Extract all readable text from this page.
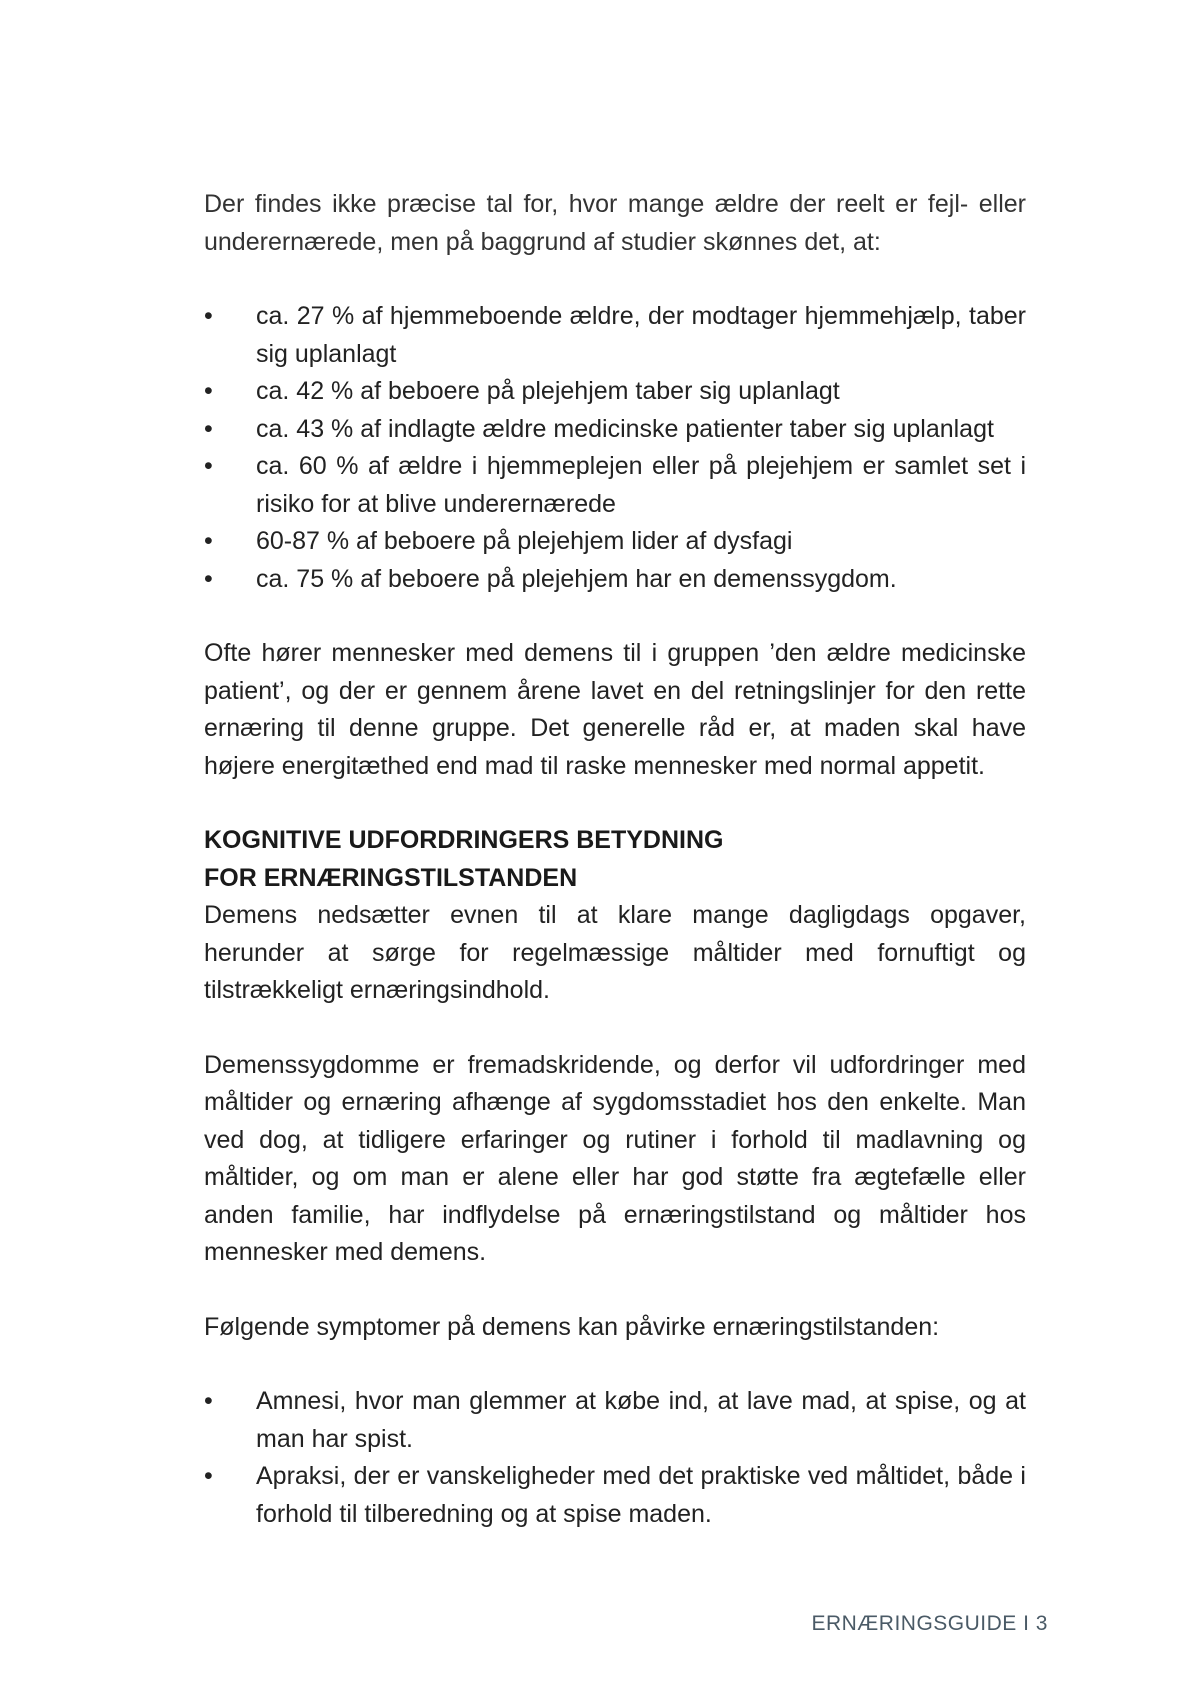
Der findes ikke præcise tal for, hvor mange ældre der reelt er fejl- eller underernærede, men på baggrund af studier skønnes det, at:

• ca. 27 % af hjemmeboende ældre, der modtager hjemmehjælp, taber sig uplanlagt
• ca. 42 % af beboere på plejehjem taber sig uplanlagt
• ca. 43 % af indlagte ældre medicinske patienter taber sig uplanlagt
• ca. 60 % af ældre i hjemmeplejen eller på plejehjem er samlet set i risiko for at blive underernærede
• 60-87 % af beboere på plejehjem lider af dysfagi
• ca. 75 % af beboere på plejehjem har en demenssygdom.

Ofte hører mennesker med demens til i gruppen ’den ældre medicinske patient’, og der er gennem årene lavet en del retningslinjer for den rette ernæring til denne gruppe. Det generelle råd er, at maden skal have højere energitæthed end mad til raske mennesker med normal appetit.

KOGNITIVE UDFORDRINGERS BETYDNING
FOR ERNÆRINGSTILSTANDEN

Demens nedsætter evnen til at klare mange dagligdags opgaver, herunder at sørge for regelmæssige måltider med fornuftigt og tilstrækkeligt ernæringsindhold.

Demenssygdomme er fremadskridende, og derfor vil udfordringer med måltider og ernæring afhænge af sygdomsstadiet hos den enkelte. Man ved dog, at tidligere erfaringer og rutiner i forhold til madlavning og måltider, og om man er alene eller har god støtte fra ægtefælle eller anden familie, har indflydelse på ernæringstilstand og måltider hos mennesker med demens.

Følgende symptomer på demens kan påvirke ernæringstilstanden:

• Amnesi, hvor man glemmer at købe ind, at lave mad, at spise, og at man har spist.
• Apraksi, der er vanskeligheder med det praktiske ved måltidet, både i forhold til tilberedning og at spise maden.
ERNÆRINGSGUIDE I 3
